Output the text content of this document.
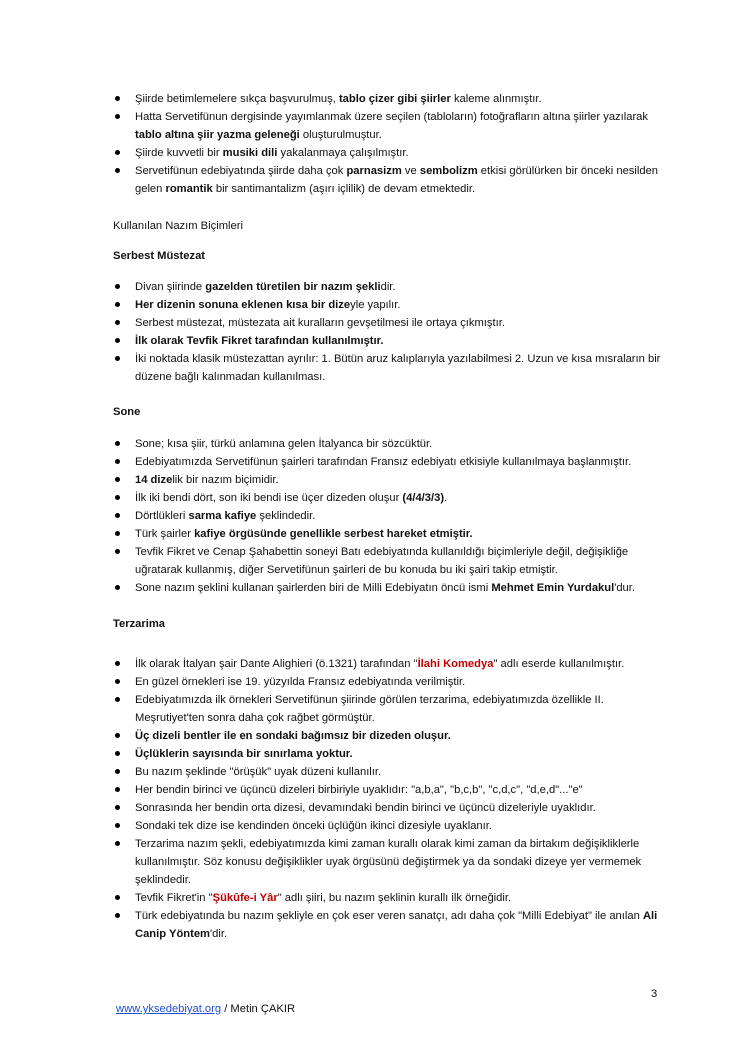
Şiirde betimlemelere sıkça başvurulmuş, tablo çizer gibi şiirler kaleme alınmıştır.
Hatta Servetifünun dergisinde yayımlanmak üzere seçilen (tabloların) fotoğrafların altına şiirler yazılarak tablo altına şiir yazma geleneği oluşturulmuştur.
Şiirde kuvvetli bir musiki dili yakalanmaya çalışılmıştır.
Servetifünun edebiyatında şiirde daha çok parnasizm ve sembolizm etkisi görülürken bir önceki nesilden gelen romantik bir santimantalizm (aşırı içlilik) de devam etmektedir.
Kullanılan Nazım Biçimleri
Serbest Müstezat
Divan şiirinde gazelden türetilen bir nazım şeklidir.
Her dizenin sonuna eklenen kısa bir dizeyle yapılır.
Serbest müstezat, müstezata ait kuralların gevşetilmesi ile ortaya çıkmıştır.
İlk olarak Tevfik Fikret tarafından kullanılmıştır.
İki noktada klasik müstezattan ayrılır: 1. Bütün aruz kalıplarıyla yazılabilmesi 2. Uzun ve kısa mısraların bir düzene bağlı kalınmadan kullanılması.
Sone
Sone; kısa şiir, türkü anlamına gelen İtalyanca bir sözcüktür.
Edebiyatımızda Servetifünun şairleri tarafından Fransız edebiyatı etkisiyle kullanılmaya başlanmıştır.
14 dizelik bir nazım biçimidir.
İlk iki bendi dört, son iki bendi ise üçer dizeden oluşur (4/4/3/3).
Dörtlükleri sarma kafiye şeklindedir.
Türk şairler kafiye örgüsünde genellikle serbest hareket etmiştir.
Tevfik Fikret ve Cenap Şahabettin soneyi Batı edebiyatında kullanıldığı biçimleriyle değil, değişikliğe uğratarak kullanmış, diğer Servetifünun şairleri de bu konuda bu iki şairi takip etmiştir.
Sone nazım şeklini kullanan şairlerden biri de Milli Edebiyatın öncü ismi Mehmet Emin Yurdakul'dur.
Terzarima
İlk olarak İtalyan şair Dante Alighieri (ö.1321) tarafından "İlahi Komedya" adlı eserde kullanılmıştır.
En güzel örnekleri ise 19. yüzyılda Fransız edebiyatında verilmiştir.
Edebiyatımızda ilk örnekleri Servetifünun şiirinde görülen terzarima, edebiyatımızda özellikle II. Meşrutiyet'ten sonra daha çok rağbet görmüştür.
Üç dizeli bentler ile en sondaki bağımsız bir dizeden oluşur.
Üçlüklerin sayısında bir sınırlama yoktur.
Bu nazım şeklinde "örüşük" uyak düzeni kullanılır.
Her bendin birinci ve üçüncü dizeleri birbiriyle uyaklıdır: "a,b,a", "b,c,b", "c,d,c", "d,e,d"..."e"
Sonrasında her bendin orta dizesi, devamındaki bendin birinci ve üçüncü dizeleriyle uyaklıdır.
Sondaki tek dize ise kendinden önceki üçlüğün ikinci dizesiyle uyaklanır.
Terzarima nazım şekli, edebiyatımızda kimi zaman kurallı olarak kimi zaman da birtakım değişikliklerle kullanılmıştır. Söz konusu değişiklikler uyak örgüsünü değiştirmek ya da sondaki dizeye yer vermemek şeklindedir.
Tevfik Fikret'in "Şükûfe-i Yâr" adlı şiiri, bu nazım şeklinin kurallı ilk örneğidir.
Türk edebiyatında bu nazım şekliyle en çok eser veren sanatçı, adı daha çok "Milli Edebiyat" ile anılan Ali Canip Yöntem'dir.
3
www.yksedebiyat.org / Metin ÇAKIR
